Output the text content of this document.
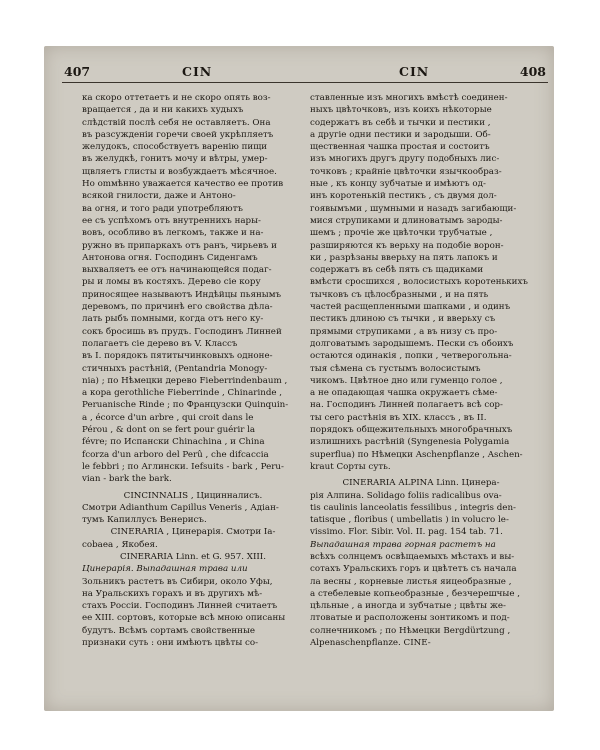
407	CIN	CIN	408
ка скоро оттетаетъ и не скоро опять воз-
вращается , да и ни какихъ худыхъ
слѣдствій послѣ себя не оставляетъ. Она
въ разсужденіи горечи своей укрѣпляетъ
желудокъ, способствуетъ варенію пищи
въ желудкѣ, гонитъ мочу и вѣтры, умер-
щвляетъ глисты и возбуждаетъ мѣсячное.
Но оmмѣнно уважается качество ее против
всякой гнилости, даже и Антоно-
ва огня, и того ради употребляютъ
ее съ успѣхомъ отъ внутреннихъ нары-
вовъ, особливо въ легкомъ, также и на-
ружно въ припаркахъ отъ ранъ, чирьевъ и
Антонова огня. Господинъ Сиденгамъ
выхваляетъ ее отъ начинающейся подаг-
ры и ломы въ костяхъ. Дерево сіе кору
приносящее называютъ Индѣйцы пьянымъ
деревомъ, по причинѣ его свойства дѣла-
лать рыбъ помными, когда отъ него ку-
сокъ бросишь въ прудъ. Господинъ Линней
полагаетъ сіе дерево въ V. Классъ
въ I. порядокъ пятитычинковыхъ одноне-
стичныхъ растѣній, (Pentandria Monogy-
nia) ; по Нѣмецки дерево Fieberrindenbaum ,
а кора gerothliche Fieberrinde , Chinarinde ,
Peruanische Rinde ; по Французски Quinquin-
a , écorce d'un arbre , qui croit dans le
Pérou , & dont on se fert pour guérir la
févre; по Испански Chinachina , и China
fcorza d'un arboro del Perû , che difcaccia
le febbri ; по Аглински. Iefsuits - bark , Peru-
vian - bark the bark.
CINCINNALIS , Цицинналисъ.
Смотри Adianthum Capillus Veneris , Адіан-
тумъ Капиллусъ Венерисъ.
CINERARIA , Цинерарія. Смотри Ia-
cobaea , Якобея.
CINERARIA Linn. et G. 957. XIII.
Цинерарія. Выпадашная трава или
Зольникъ растетъ въ Сибири, около Уфы,
на Уральскихъ горахъ и въ другихъ мѣ-
стахъ Россіи. Господинъ Линней считаетъ
ее XIII. сортовъ, которые всѣ мною описаны
будутъ. Всѣмъ сортамъ свойственные
признаки суть : они имѣютъ цвѣты со-
ставленные изъ многихъ вмѣстѣ соединен-
ныхъ цвѣточковъ, изъ коихъ нѣкоторые
содержатъ въ себѣ и тычки и пестики ,
а другіе одни пестики и зародыши. Об-
щественная чашка простая и состоитъ
изъ многихъ другъ другу подобныхъ лис-
точковъ ; крайніе цвѣточки язычкообраз-
ные , къ концу зубчатые и имѣютъ од-
инъ коротенькій пестикъ , съ двумя дол-
гоявымъми , шумными и назадъ загибающи-
мися струпиками и длиноватымъ зароды-
шемъ ; прочіе же цвѣточки трубчатые ,
разширяются къ верьху на подобіе ворон-
ки , разрѣзаны вверьху на пять лапокъ и
содержатъ въ себѣ пять съ щадиками
вмѣсти сросшихся , волосистыхъ коротенькихъ
тычковъ съ цѣлосбразными , и на пять
частей расщепленными шапками , и одинъ
пестикъ длиною съ тычки , и вверьху съ
прямыми струпиками , а въ низу съ про-
долговатымъ зародышемъ. Пески съ обоихъ
остаются одинакія , попки , четверогольна-
тыя сѣмена съ густымъ волосистымъ
чикомъ. Цвѣтное дно или гуменцо голое ,
а не опадающая чашка окружаетъ сѣме-
на. Господинъ Линней полагаетъ всѣ сор-
ты сего растѣнія въ XIX. классъ , въ II.
порядокъ общежительныхъ многобрачныхъ
излишнихъ растѣній (Syngenesia Polygamia
superflua) по Нѣмецки Aschenpflanze , Aschen-
kraut Сорты суть.
CINERARIA ALPINA Linn. Цинера-
рія Алпина. Solidago foliis radicalibus ova-
tis caulinis lanceolatis fessilibus , integris den-
tatisque , floribus ( umbellatis ) in volucro le-
vissimo. Flor. Sibir. Vol. II. pag. 154 tab. 71.
Выпадашная трава горная растетъ на
всѣхъ солнцемъ освѣщаемыхъ мѣстахъ и вы-
сотахъ Уральскихъ горъ и цвѣтетъ съ начала
ла весны , корневые листья яицеобразные ,
а стебелевые копьеобразные , безчерешчые ,
цѣльные , а иногда и зубчатые ; цвѣты же-
лтоватые и расположены зонтикомъ и под-
солнечникомъ ; по Нѣмецки Bergdürtzung ,
Alpenaschenpflanze. CINE-
